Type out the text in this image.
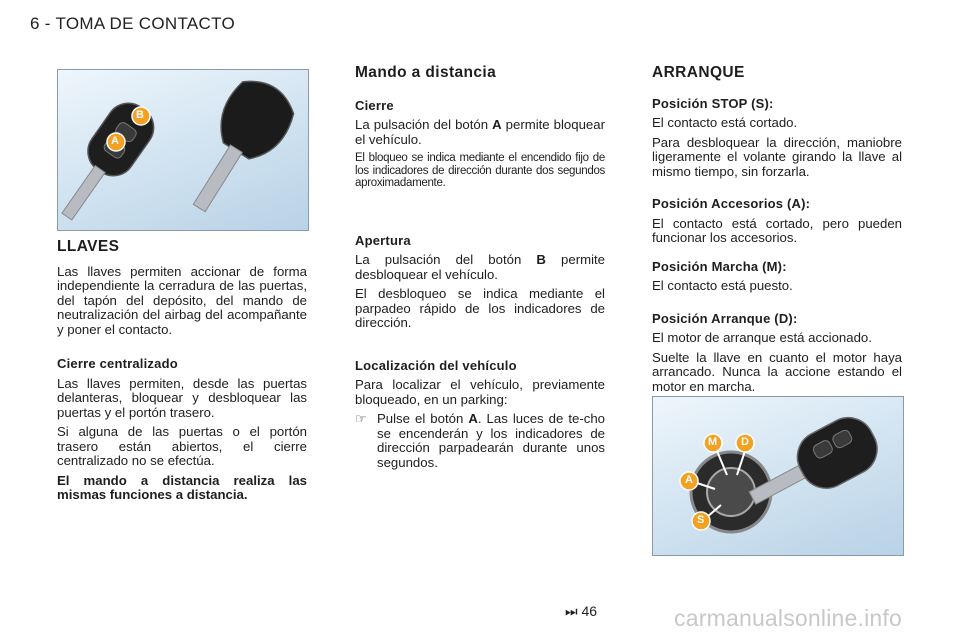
6 - TOMA DE CONTACTO
A
B

LLAVES

Las llaves permiten accionar de forma independiente la cerradura de las puertas, del tapón del depósito, del mando de neutralización del airbag del acompañante y poner el contacto.

Cierre centralizado

Las llaves permiten, desde las puertas delanteras, bloquear y desbloquear las puertas y el portón trasero.

Si alguna de las puertas o el portón trasero están abiertos, el cierre centralizado no se efectúa.

El mando a distancia realiza las mismas funciones a distancia.

Mando a distancia

Cierre

La pulsación del botón A permite bloquear el vehículo.

El bloqueo se indica mediante el encendido fijo de los indicadores de dirección durante dos segundos aproximadamente.

Apertura

La pulsación del botón B permite desbloquear el vehículo.

El desbloqueo se indica mediante el parpadeo rápido de los indicadores de dirección.

Localización del vehículo

Para localizar el vehículo, previamente bloqueado, en un parking:

☞ Pulse el botón A. Las luces de te-cho se encenderán y los indicadores de dirección parpadearán durante unos segundos.

ARRANQUE

Posición STOP (S):

El contacto está cortado.

Para desbloquear la dirección, maniobre ligeramente el volante girando la llave al mismo tiempo, sin forzarla.

Posición Accesorios (A):

El contacto está cortado, pero pueden funcionar los accesorios.

Posición Marcha (M):

El contacto está puesto.

Posición Arranque (D):

El motor de arranque está accionado.

Suelte la llave en cuanto el motor haya arrancado. Nunca la accione estando el motor en marcha.

M D
A
S
⏭ 46	carmanualsonline.info
